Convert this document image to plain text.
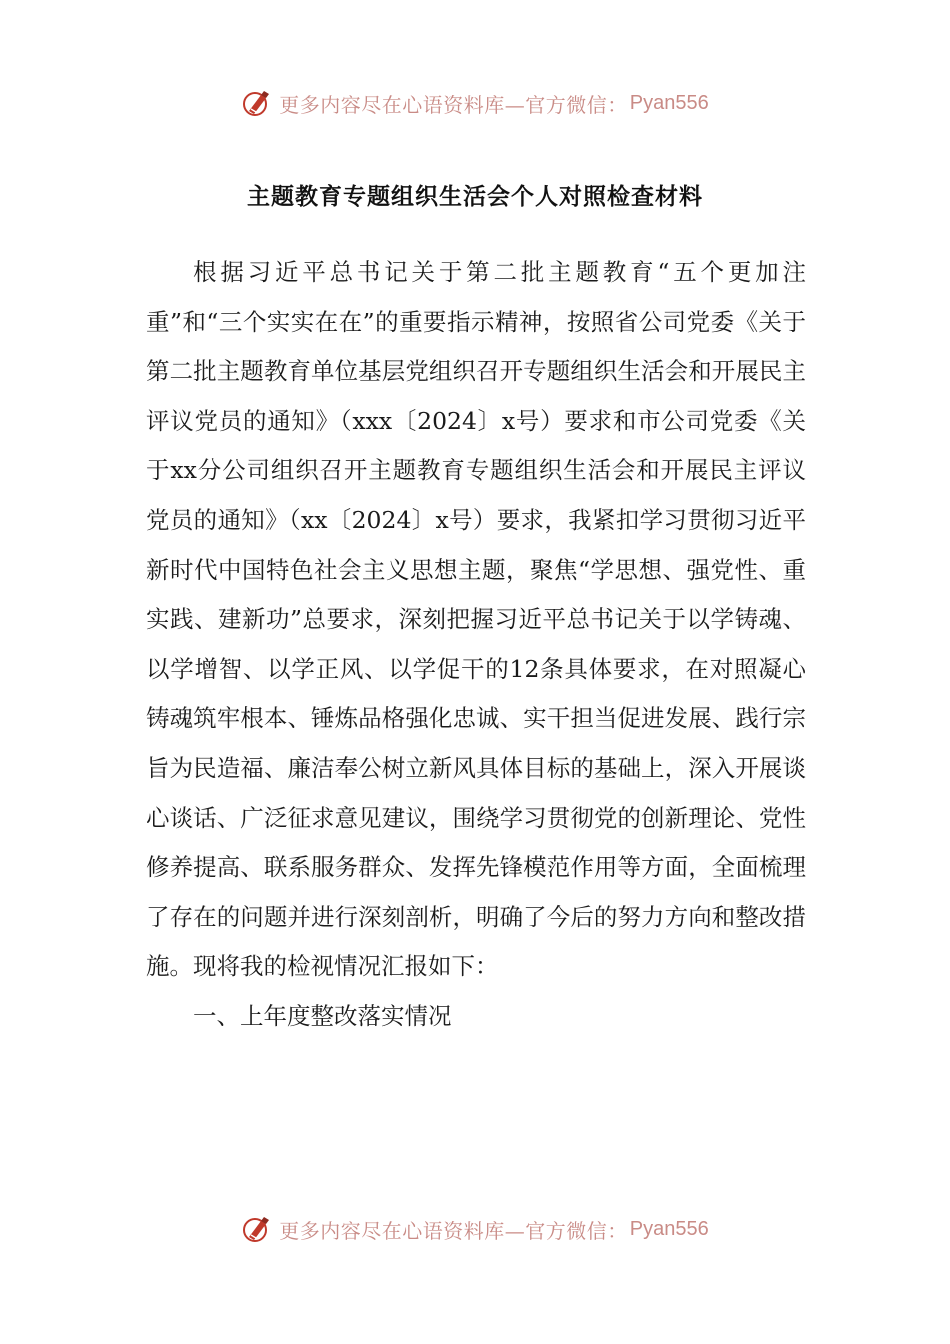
更多内容尽在心语资料库—官方微信： Pyan556
主题教育专题组织生活会个人对照检查材料

根据习近平总书记关于第二批主题教育“五个更加注重”和“三个实实在在”的重要指示精神，按照省公司党委《关于第二批主题教育单位基层党组织召开专题组织生活会和开展民主评议党员的通知》（xxx〔2024〕x号）要求和市公司党委《关于xx分公司组织召开主题教育专题组织生活会和开展民主评议党员的通知》（xx〔2024〕x号）要求，我紧扣学习贯彻习近平新时代中国特色社会主义思想主题，聚焦“学思想、强党性、重实践、建新功”总要求，深刻把握习近平总书记关于以学铸魂、以学增智、以学正风、以学促干的12条具体要求，在对照凝心铸魂筑牢根本、锤炼品格强化忠诚、实干担当促进发展、践行宗旨为民造福、廉洁奉公树立新风具体目标的基础上，深入开展谈心谈话、广泛征求意见建议，围绕学习贯彻党的创新理论、党性修养提高、联系服务群众、发挥先锋模范作用等方面，全面梳理了存在的问题并进行深刻剖析，明确了今后的努力方向和整改措施。现将我的检视情况汇报如下：

一、上年度整改落实情况

更多内容尽在心语资料库—官方微信： Pyan556
